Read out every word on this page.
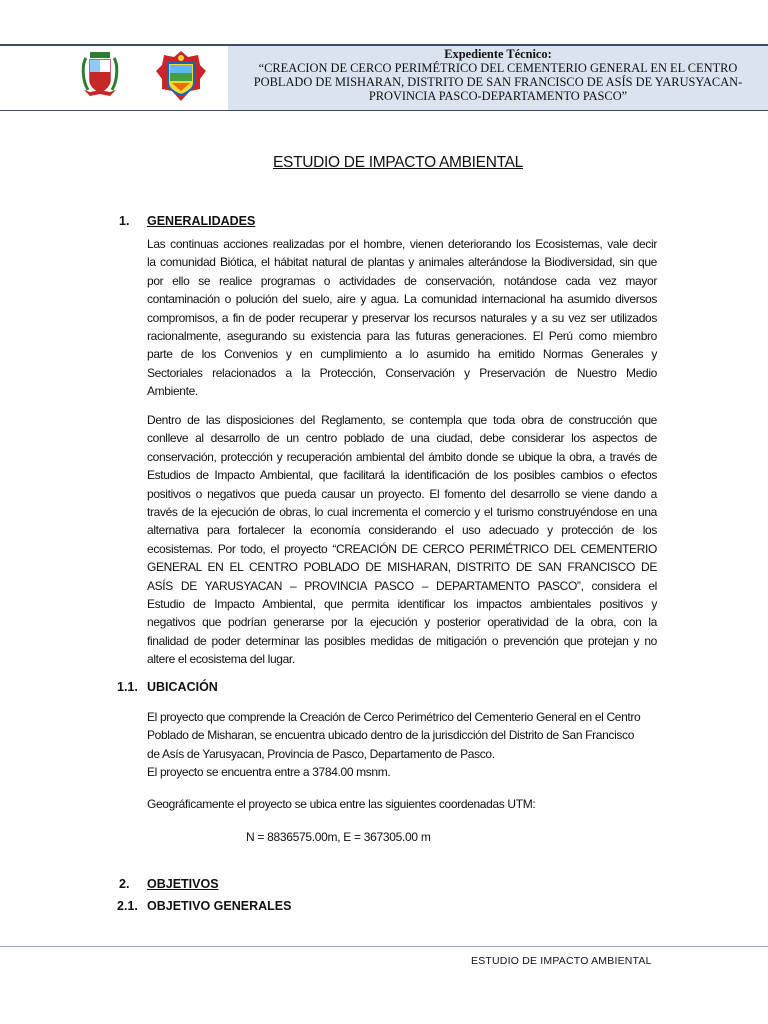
Expediente Técnico:
“CREACION DE CERCO PERIMÉTRICO DEL CEMENTERIO GENERAL EN EL CENTRO
POBLADO DE MISHARAN, DISTRITO DE SAN FRANCISCO DE ASÍS DE YARUSYACAN-
PROVINCIA PASCO-DEPARTAMENTO PASCO”
ESTUDIO DE IMPACTO AMBIENTAL
1. GENERALIDADES
Las continuas acciones realizadas por el hombre, vienen deteriorando los Ecosistemas, vale decir
la comunidad Biótica, el hábitat natural de plantas y animales alterándose la Biodiversidad, sin que
por ello se realice programas o actividades de conservación, notándose cada vez mayor
contaminación o polución del suelo, aire y agua. La comunidad internacional ha asumido diversos
compromisos, a fin de poder recuperar y preservar los recursos naturales y a su vez ser utilizados
racionalmente, asegurando su existencia para las futuras generaciones. El Perú como miembro
parte de los Convenios y en cumplimiento a lo asumido ha emitido Normas Generales y
Sectoriales relacionados a la Protección, Conservación y Preservación de Nuestro Medio
Ambiente.
Dentro de las disposiciones del Reglamento, se contempla que toda obra de construcción que
conlleve al desarrollo de un centro poblado de una ciudad, debe considerar los aspectos de
conservación, protección y recuperación ambiental del ámbito donde se ubique la obra, a través de
Estudios de Impacto Ambiental, que facilitará la identificación de los posibles cambios o efectos
positivos o negativos que pueda causar un proyecto. El fomento del desarrollo se viene dando a
través de la ejecución de obras, lo cual incrementa el comercio y el turismo construyéndose en una
alternativa para fortalecer la economía considerando el uso adecuado y protección de los
ecosistemas. Por todo, el proyecto “CREACIÓN DE CERCO PERIMÉTRICO DEL CEMENTERIO
GENERAL EN EL CENTRO POBLADO DE MISHARAN, DISTRITO DE SAN FRANCISCO DE
ASÍS DE YARUSYACAN – PROVINCIA PASCO – DEPARTAMENTO PASCO”, considera el
Estudio de Impacto Ambiental, que permita identificar los impactos ambientales positivos y
negativos que podrían generarse por la ejecución y posterior operatividad de la obra, con la
finalidad de poder determinar las posibles medidas de mitigación o prevención que protejan y no
altere el ecosistema del lugar.
1.1. UBICACIÓN
El proyecto que comprende la Creación de Cerco Perimétrico del Cementerio General en el Centro
Poblado de Misharan, se encuentra ubicado dentro de la jurisdicción del Distrito de San Francisco
de Asís de Yarusyacan, Provincia de Pasco, Departamento de Pasco.
El proyecto se encuentra entre a 3784.00 msnm.
Geográficamente el proyecto se ubica entre las siguientes coordenadas UTM:
N = 8836575.00m, E = 367305.00 m
2. OBJETIVOS
2.1. OBJETIVO GENERALES
ESTUDIO DE IMPACTO AMBIENTAL
